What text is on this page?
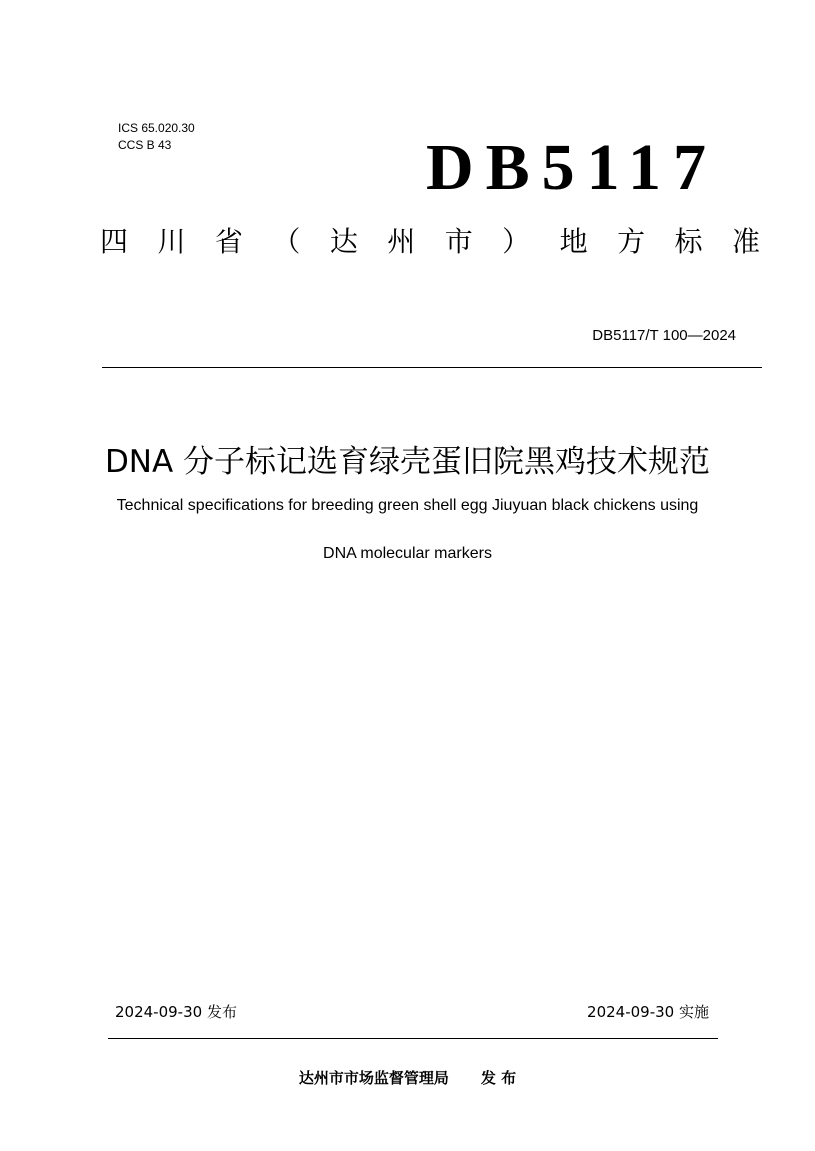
ICS 65.020.30
CCS B 43	DB5117
四 川 省 （ 达 州 市 ） 地 方 标 准
DB5117/T 100—2024
DNA 分子标记选育绿壳蛋旧院黑鸡技术规范
Technical specifications for breeding green shell egg Jiuyuan black chickens using
DNA molecular markers
2024-09-30 发布	2024-09-30 实施
达州市市场监督管理局 发 布
